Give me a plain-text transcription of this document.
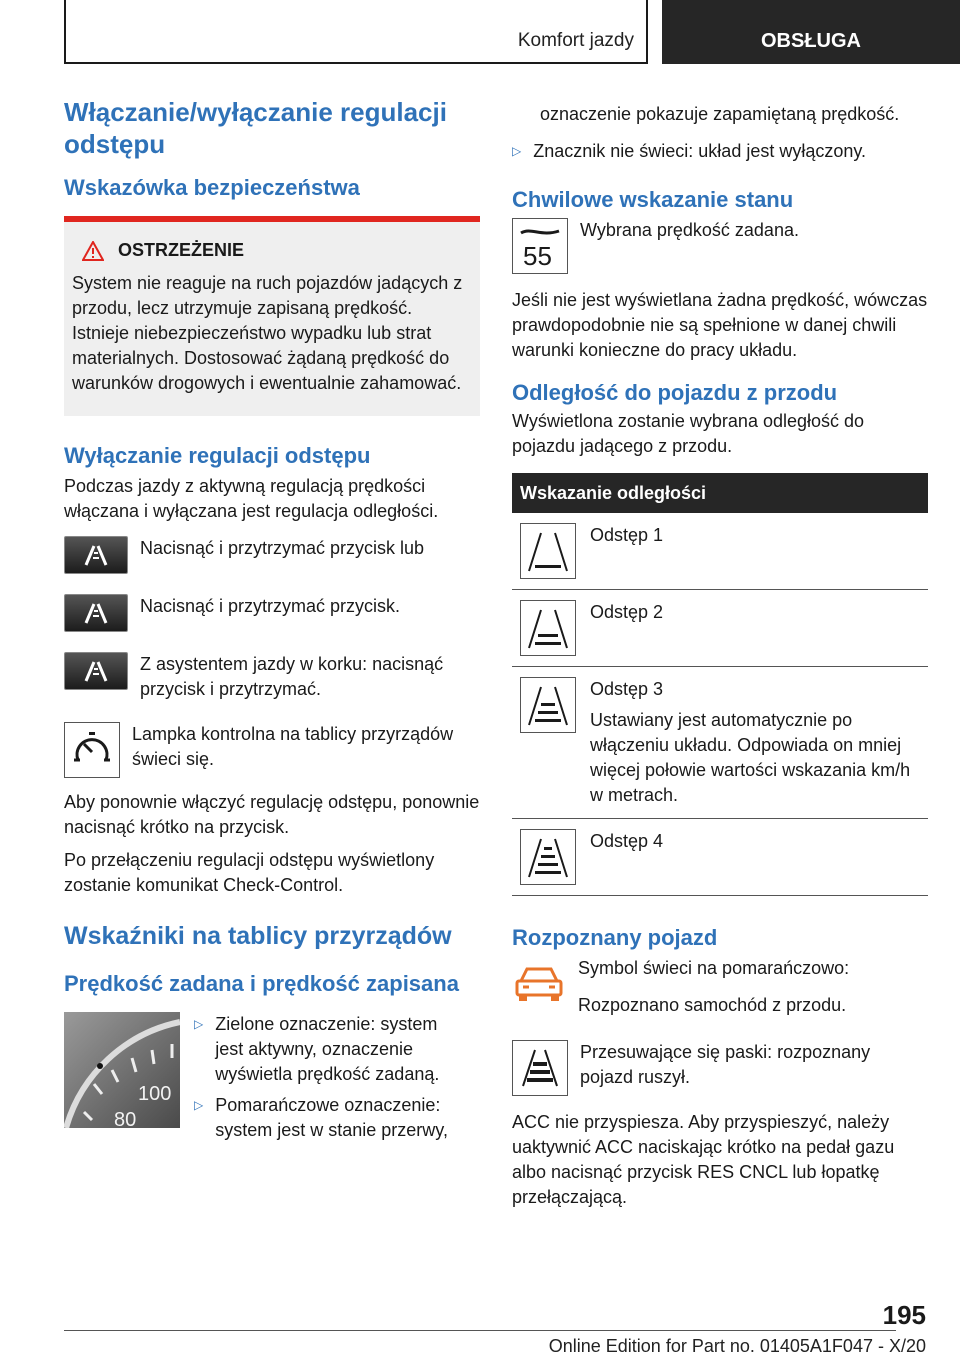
Komfort jazdy	OBSŁUGA
Włączanie/wyłączanie regulacji odstępu
Wskazówka bezpieczeństwa
OSTRZEŻENIE

System nie reaguje na ruch pojazdów jadących z przodu, lecz utrzymuje zapisaną prędkość. Istnieje niebezpieczeństwo wypadku lub strat materialnych. Dostosować żądaną prędkość do warunków drogowych i ewentualnie zahamować.

Wyłączanie regulacji odstępu

Podczas jazdy z aktywną regulacją prędkości włączana i wyłączana jest regulacja odległości.

Nacisnąć i przytrzymać przycisk lub

Nacisnąć i przytrzymać przycisk.

Z asystentem jazdy w korku: nacisnąć przycisk i przytrzymać.

Lampka kontrolna na tablicy przyrządów świeci się.

Aby ponownie włączyć regulację odstępu, ponownie nacisnąć krótko na przycisk.

Po przełączeniu regulacji odstępu wyświetlony zostanie komunikat Check-Control.

Wskaźniki na tablicy przyrządów
Prędkość zadana i prędkość zapisana
100
80
▷ Zielone oznaczenie: system jest aktywny, oznaczenie wyświetla prędkość zadaną.

▷ Pomarańczowe oznaczenie: system jest w stanie przerwy,

oznaczenie pokazuje zapamiętaną prędkość.

▷ Znacznik nie świeci: układ jest wyłączony.

Chwilowe wskazanie stanu
55

Wybrana prędkość zadana.

Jeśli nie jest wyświetlana żadna prędkość, wówczas prawdopodobnie nie są spełnione w danej chwili warunki konieczne do pracy układu.

Odległość do pojazdu z przodu

Wyświetlona zostanie wybrana odległość do pojazdu jadącego z przodu.

Wskazanie odległości

Odstęp 1

Odstęp 2

Odstęp 3

Ustawiany jest automatycznie po włączeniu układu. Odpowiada on mniej więcej połowie wartości wskazania km/h w metrach.

Odstęp 4

Rozpoznany pojazd

Symbol świeci na pomarańczowo:

Rozpoznano samochód z przodu.

Przesuwające się paski: rozpoznany pojazd ruszył.

ACC nie przyspiesza. Aby przyspieszyć, należy uaktywnić ACC naciskając krótko na pedał gazu albo nacisnąć przycisk RES CNCL lub łopatkę przełączającą.

195
Online Edition for Part no. 01405A1F047 - X/20
